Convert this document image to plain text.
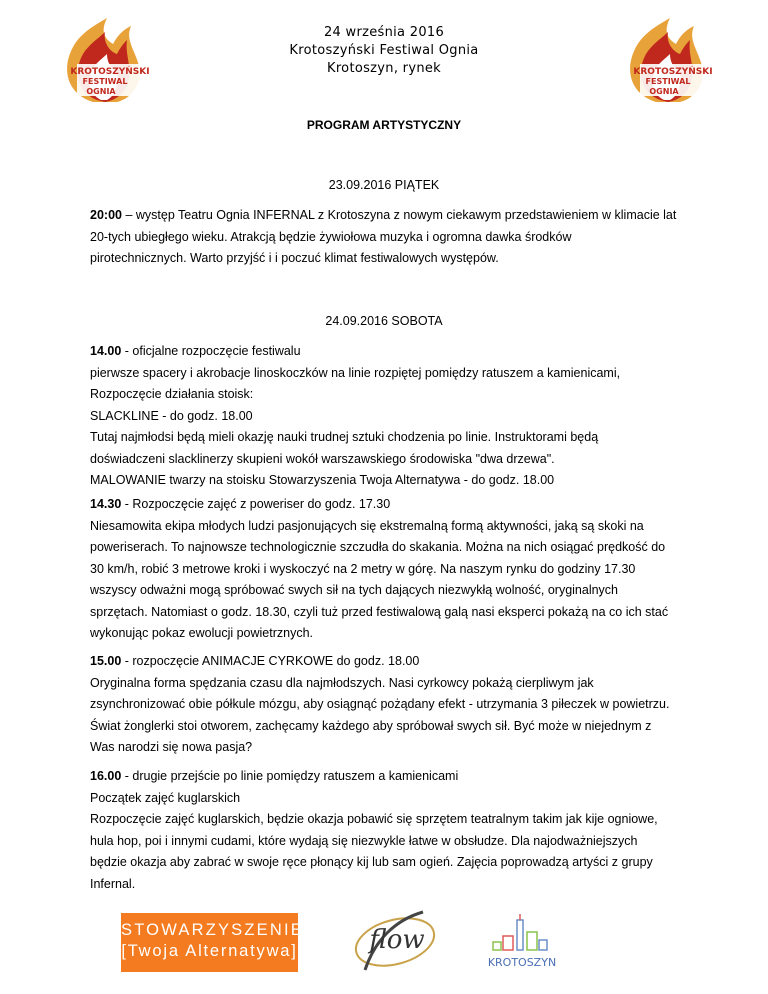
KROTOSZYŃSKI
FESTIWAL
OGNIA
KROTOSZYŃSKI
FESTIWAL
OGNIA
24 września 2016
Krotoszyński Festiwal Ognia
Krotoszyn, rynek
PROGRAM ARTYSTYCZNY
23.09.2016 PIĄTEK
20:00 – występ Teatru Ognia INFERNAL z Krotoszyna z nowym ciekawym przedstawieniem w klimacie lat
20-tych ubiegłego wieku. Atrakcją będzie żywiołowa muzyka i ogromna dawka środków
pirotechnicznych. Warto przyjść i i poczuć klimat festiwalowych występów.
24.09.2016 SOBOTA
14.00 - oficjalne rozpoczęcie festiwalu
pierwsze spacery i akrobacje linoskoczków na linie rozpiętej pomiędzy ratuszem a kamienicami,
Rozpoczęcie działania stoisk:
SLACKLINE - do godz. 18.00
Tutaj najmłodsi będą mieli okazję nauki trudnej sztuki chodzenia po linie. Instruktorami będą
doświadczeni slacklinerzy skupieni wokół warszawskiego środowiska "dwa drzewa".
MALOWANIE twarzy na stoisku Stowarzyszenia Twoja Alternatywa - do godz. 18.00
14.30 - Rozpoczęcie zajęć z poweriser do godz. 17.30
Niesamowita ekipa młodych ludzi pasjonujących się ekstremalną formą aktywności, jaką są skoki na
poweriserach. To najnowsze technologicznie szczudła do skakania. Można na nich osiągać prędkość do
30 km/h, robić 3 metrowe kroki i wyskoczyć na 2 metry w górę. Na naszym rynku do godziny 17.30
wszyscy odważni mogą spróbować swych sił na tych dających niezwykłą wolność, oryginalnych
sprzętach. Natomiast o godz. 18.30, czyli tuż przed festiwalową galą nasi eksperci pokażą na co ich stać
wykonując pokaz ewolucji powietrznych.
15.00 - rozpoczęcie ANIMACJE CYRKOWE do godz. 18.00
Oryginalna forma spędzania czasu dla najmłodszych. Nasi cyrkowcy pokażą cierpliwym jak
zsynchronizować obie półkule mózgu, aby osiągnąć pożądany efekt - utrzymania 3 piłeczek w powietrzu.
Świat żonglerki stoi otworem, zachęcamy każdego aby spróbował swych sił. Być może w niejednym z
Was narodzi się nowa pasja?
16.00 - drugie przejście po linie pomiędzy ratuszem a kamienicami
Początek zajęć kuglarskich
Rozpoczęcie zajęć kuglarskich, będzie okazja pobawić się sprzętem teatralnym takim jak kije ogniowe,
hula hop, poi i innymi cudami, które wydają się niezwykle łatwe w obsłudze. Dla najodważniejszych
będzie okazja aby zabrać w swoje ręce płonący kij lub sam ogień. Zajęcia poprowadzą artyści z grupy
Infernal.
STOWARZYSZENIE
[Twoja Alternatywa]	flow
KROTOSZYN
